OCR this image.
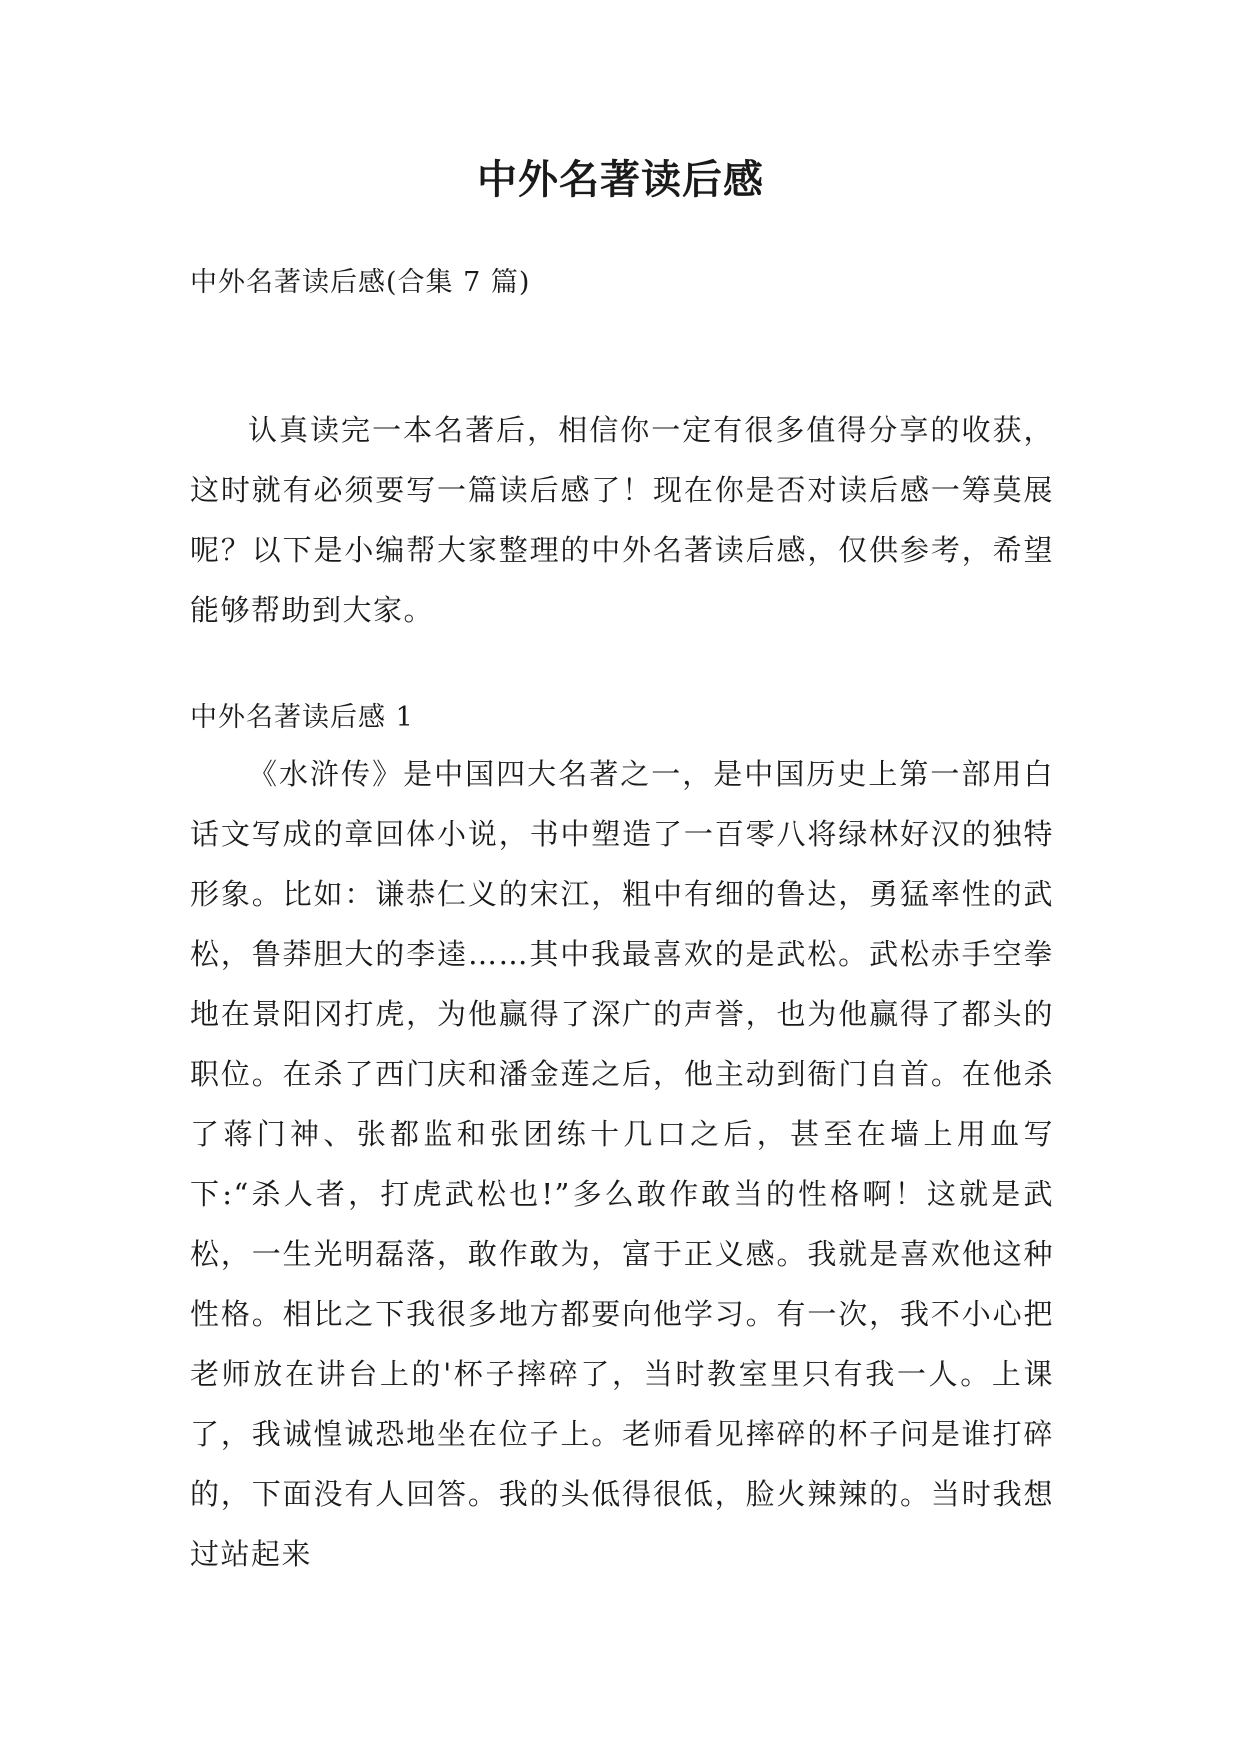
中外名著读后感

中外名著读后感(合集 7 篇)

认真读完一本名著后，相信你一定有很多值得分享的收获，这时就有必须要写一篇读后感了！现在你是否对读后感一筹莫展呢？以下是小编帮大家整理的中外名著读后感，仅供参考，希望能够帮助到大家。

中外名著读后感 1

《水浒传》是中国四大名著之一，是中国历史上第一部用白话文写成的章回体小说，书中塑造了一百零八将绿林好汉的独特形象。比如：谦恭仁义的宋江，粗中有细的鲁达，勇猛率性的武松，鲁莽胆大的李逵……其中我最喜欢的是武松。武松赤手空拳地在景阳冈打虎，为他赢得了深广的声誉，也为他赢得了都头的职位。在杀了西门庆和潘金莲之后，他主动到衙门自首。在他杀了蒋门神、张都监和张团练十几口之后，甚至在墙上用血写下:“杀人者，打虎武松也!”多么敢作敢当的性格啊！这就是武松，一生光明磊落，敢作敢为，富于正义感。我就是喜欢他这种性格。相比之下我很多地方都要向他学习。有一次，我不小心把老师放在讲台上的'杯子摔碎了，当时教室里只有我一人。上课了，我诚惶诚恐地坐在位子上。老师看见摔碎的杯子问是谁打碎的，下面没有人回答。我的头低得很低，脸火辣辣的。当时我想过站起来
